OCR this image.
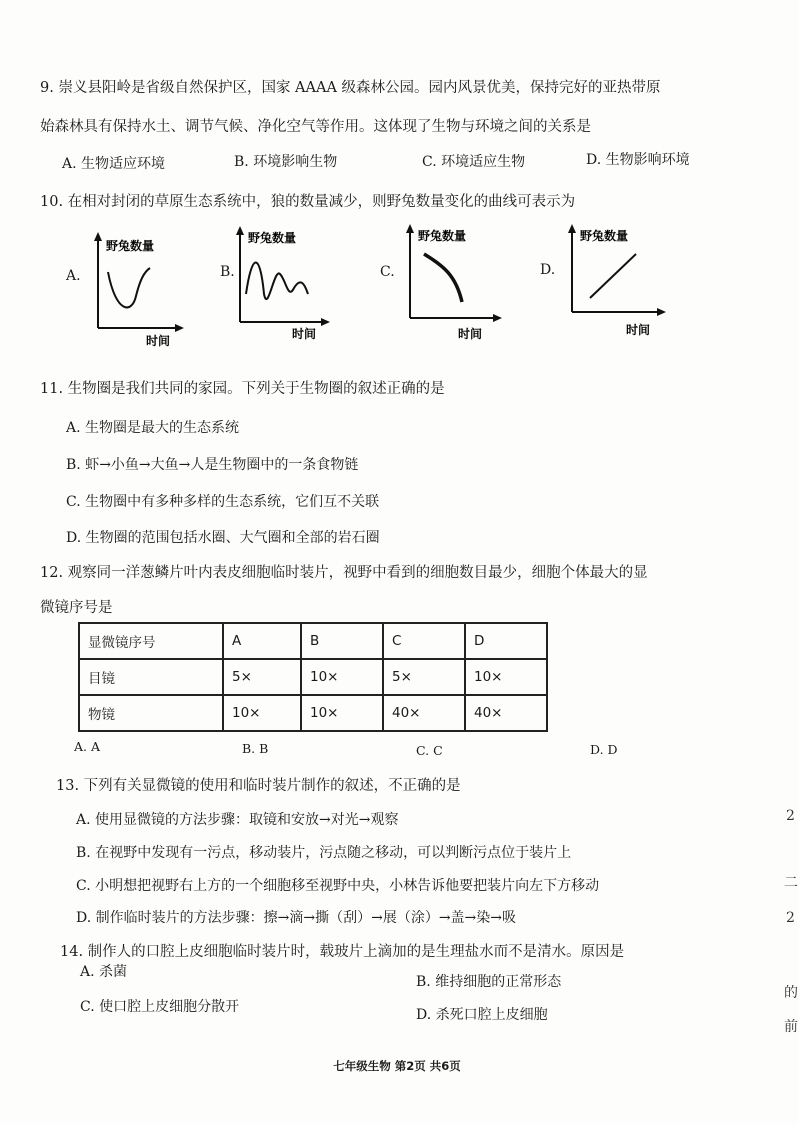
9. 崇义县阳岭是省级自然保护区，国家 AAAA 级森林公园。园内风景优美，保持完好的亚热带原
始森林具有保持水土、调节气候、净化空气等作用。这体现了生物与环境之间的关系是
A. 生物适应环境	B. 环境影响生物	C. 环境适应生物	D. 生物影响环境
10. 在相对封闭的草原生态系统中，狼的数量减少，则野兔数量变化的曲线可表示为
A.
野兔数量
时间
B.
野兔数量
时间
C.
野兔数量
时间
D.
野兔数量
时间
11. 生物圈是我们共同的家园。下列关于生物圈的叙述正确的是
A. 生物圈是最大的生态系统
B. 虾→小鱼→大鱼→人是生物圈中的一条食物链
C. 生物圈中有多种多样的生态系统，它们互不关联
D. 生物圈的范围包括水圈、大气圈和全部的岩石圈
12. 观察同一洋葱鳞片叶内表皮细胞临时装片，视野中看到的细胞数目最少，细胞个体最大的显
微镜序号是
显微镜序号	A	B	C	D
目镜	5×	10×	5×	10×
物镜	10×	10×	40×	40×
A. A	B. B	C. C	D. D
13. 下列有关显微镜的使用和临时装片制作的叙述，不正确的是
A. 使用显微镜的方法步骤：取镜和安放→对光→观察
B. 在视野中发现有一污点，移动装片，污点随之移动，可以判断污点位于装片上
C. 小明想把视野右上方的一个细胞移至视野中央，小林告诉他要把装片向左下方移动
D. 制作临时装片的方法步骤：擦→滴→撕（刮）→展（涂）→盖→染→吸
14. 制作人的口腔上皮细胞临时装片时，载玻片上滴加的是生理盐水而不是清水。原因是
A. 杀菌
B. 维持细胞的正常形态
C. 使口腔上皮细胞分散开	D. 杀死口腔上皮细胞
2
二
2
的
前
七年级生物 第2页 共6页
